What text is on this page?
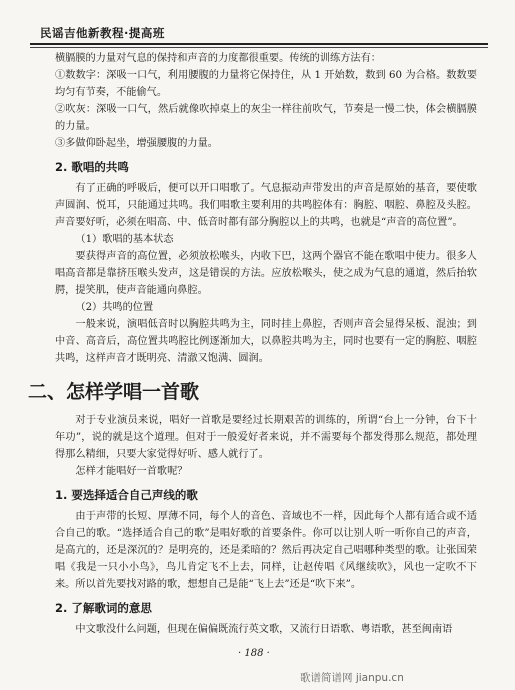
民谣吉他新教程·提高班

横膈膜的力量对气息的保持和声音的力度都很重要。传统的训练方法有：

①数数字：深吸一口气，利用腰腹的力量将它保持住，从 1 开始数，数到 60 为合格。数数要均匀有节奏，不能偷气。

②吹灰：深吸一口气，然后就像吹掉桌上的灰尘一样往前吹气，节奏是一慢二快，体会横膈膜的力量。

③多做仰卧起坐，增强腰腹的力量。

2. 歌唱的共鸣

有了正确的呼吸后，便可以开口唱歌了。气息振动声带发出的声音是原始的基音，要使歌声圆润、悦耳，只能通过共鸣。我们唱歌主要利用的共鸣腔体有：胸腔、咽腔、鼻腔及头腔。声音要好听，必须在唱高、中、低音时都有部分胸腔以上的共鸣，也就是“声音的高位置”。

（1）歌唱的基本状态

要获得声音的高位置，必须放松喉头，内收下巴，这两个器官不能在歌唱中使力。很多人唱高音都是靠挤压喉头发声，这是错误的方法。应放松喉头，使之成为气息的通道，然后抬软腭，提笑肌，使声音能通向鼻腔。

（2）共鸣的位置

一般来说，演唱低音时以胸腔共鸣为主，同时挂上鼻腔，否则声音会显得呆板、混浊；到中音、高音后，高位置共鸣腔比例逐渐加大，以鼻腔共鸣为主，同时也要有一定的胸腔、咽腔共鸣，这样声音才既明亮、清澈又饱满、圆润。

二、怎样学唱一首歌

对于专业演员来说，唱好一首歌是要经过长期艰苦的训练的，所谓“台上一分钟，台下十年功”，说的就是这个道理。但对于一般爱好者来说，并不需要每个都发得那么规范，都处理得那么精细，只要大家觉得好听、感人就行了。

怎样才能唱好一首歌呢？

1. 要选择适合自己声线的歌

由于声带的长短、厚薄不同，每个人的音色、音域也不一样，因此每个人都有适合或不适合自己的歌。“选择适合自己的歌”是唱好歌的首要条件。你可以让别人听一听你自己的声音，是高亢的，还是深沉的？是明亮的，还是柔暗的？然后再决定自己唱哪种类型的歌。让张国荣唱《我是一只小小鸟》，鸟儿肯定飞不上去，同样，让赵传唱《风继续吹》，风也一定吹不下来。所以首先要找对路的歌，想想自己是能“飞上去”还是“吹下来”。

2. 了解歌词的意思

中文歌没什么问题，但现在偏偏既流行英文歌，又流行日语歌、粤语歌，甚至闽南语

· 188 ·
歌谱简谱网 jianpu.cn
